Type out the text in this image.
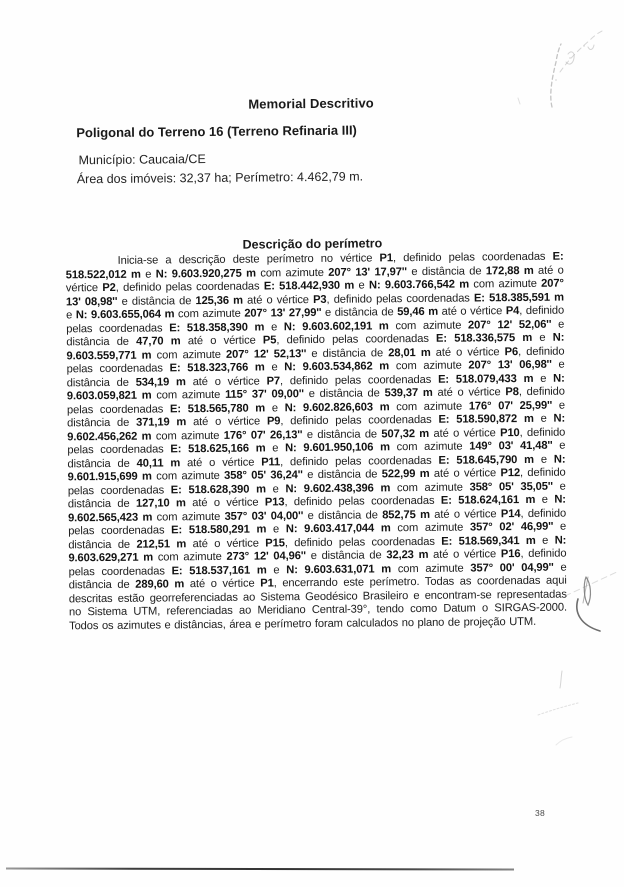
Memorial Descritivo
Poligonal do Terreno 16 (Terreno Refinaria III)
Município: Caucaia/CE
Área dos imóveis: 32,37 ha; Perímetro: 4.462,79 m.
Descrição do perímetro
Inicia-se a descrição deste perímetro no vértice P1, definido pelas coordenadas E: 518.522,012 m e N: 9.603.920,275 m com azimute 207° 13' 17,97'' e distância de 172,88 m até o vértice P2, definido pelas coordenadas E: 518.442,930 m e N: 9.603.766,542 m com azimute 207° 13' 08,98'' e distância de 125,36 m até o vértice P3, definido pelas coordenadas E: 518.385,591 m e N: 9.603.655,064 m com azimute 207° 13' 27,99'' e distância de 59,46 m até o vértice P4, definido pelas coordenadas E: 518.358,390 m e N: 9.603.602,191 m com azimute 207° 12' 52,06'' e distância de 47,70 m até o vértice P5, definido pelas coordenadas E: 518.336,575 m e N: 9.603.559,771 m com azimute 207° 12' 52,13'' e distância de 28,01 m até o vértice P6, definido pelas coordenadas E: 518.323,766 m e N: 9.603.534,862 m com azimute 207° 13' 06,98'' e distância de 534,19 m até o vértice P7, definido pelas coordenadas E: 518.079,433 m e N: 9.603.059,821 m com azimute 115° 37' 09,00'' e distância de 539,37 m até o vértice P8, definido pelas coordenadas E: 518.565,780 m e N: 9.602.826,603 m com azimute 176° 07' 25,99'' e distância de 371,19 m até o vértice P9, definido pelas coordenadas E: 518.590,872 m e N: 9.602.456,262 m com azimute 176° 07' 26,13'' e distância de 507,32 m até o vértice P10, definido pelas coordenadas E: 518.625,166 m e N: 9.601.950,106 m com azimute 149° 03' 41,48'' e distância de 40,11 m até o vértice P11, definido pelas coordenadas E: 518.645,790 m e N: 9.601.915,699 m com azimute 358° 05' 36,24'' e distância de 522,99 m até o vértice P12, definido pelas coordenadas E: 518.628,390 m e N: 9.602.438,396 m com azimute 358° 05' 35,05'' e distância de 127,10 m até o vértice P13, definido pelas coordenadas E: 518.624,161 m e N: 9.602.565,423 m com azimute 357° 03' 04,00'' e distância de 852,75 m até o vértice P14, definido pelas coordenadas E: 518.580,291 m e N: 9.603.417,044 m com azimute 357° 02' 46,99'' e distância de 212,51 m até o vértice P15, definido pelas coordenadas E: 518.569,341 m e N: 9.603.629,271 m com azimute 273° 12' 04,96'' e distância de 32,23 m até o vértice P16, definido pelas coordenadas E: 518.537,161 m e N: 9.603.631,071 m com azimute 357° 00' 04,99'' e distância de 289,60 m até o vértice P1, encerrando este perímetro. Todas as coordenadas aqui descritas estão georreferenciadas ao Sistema Geodésico Brasileiro e encontram-se representadas no Sistema UTM, referenciadas ao Meridiano Central-39°, tendo como Datum o SIRGAS-2000. Todos os azimutes e distâncias, área e perímetro foram calculados no plano de projeção UTM.
38
